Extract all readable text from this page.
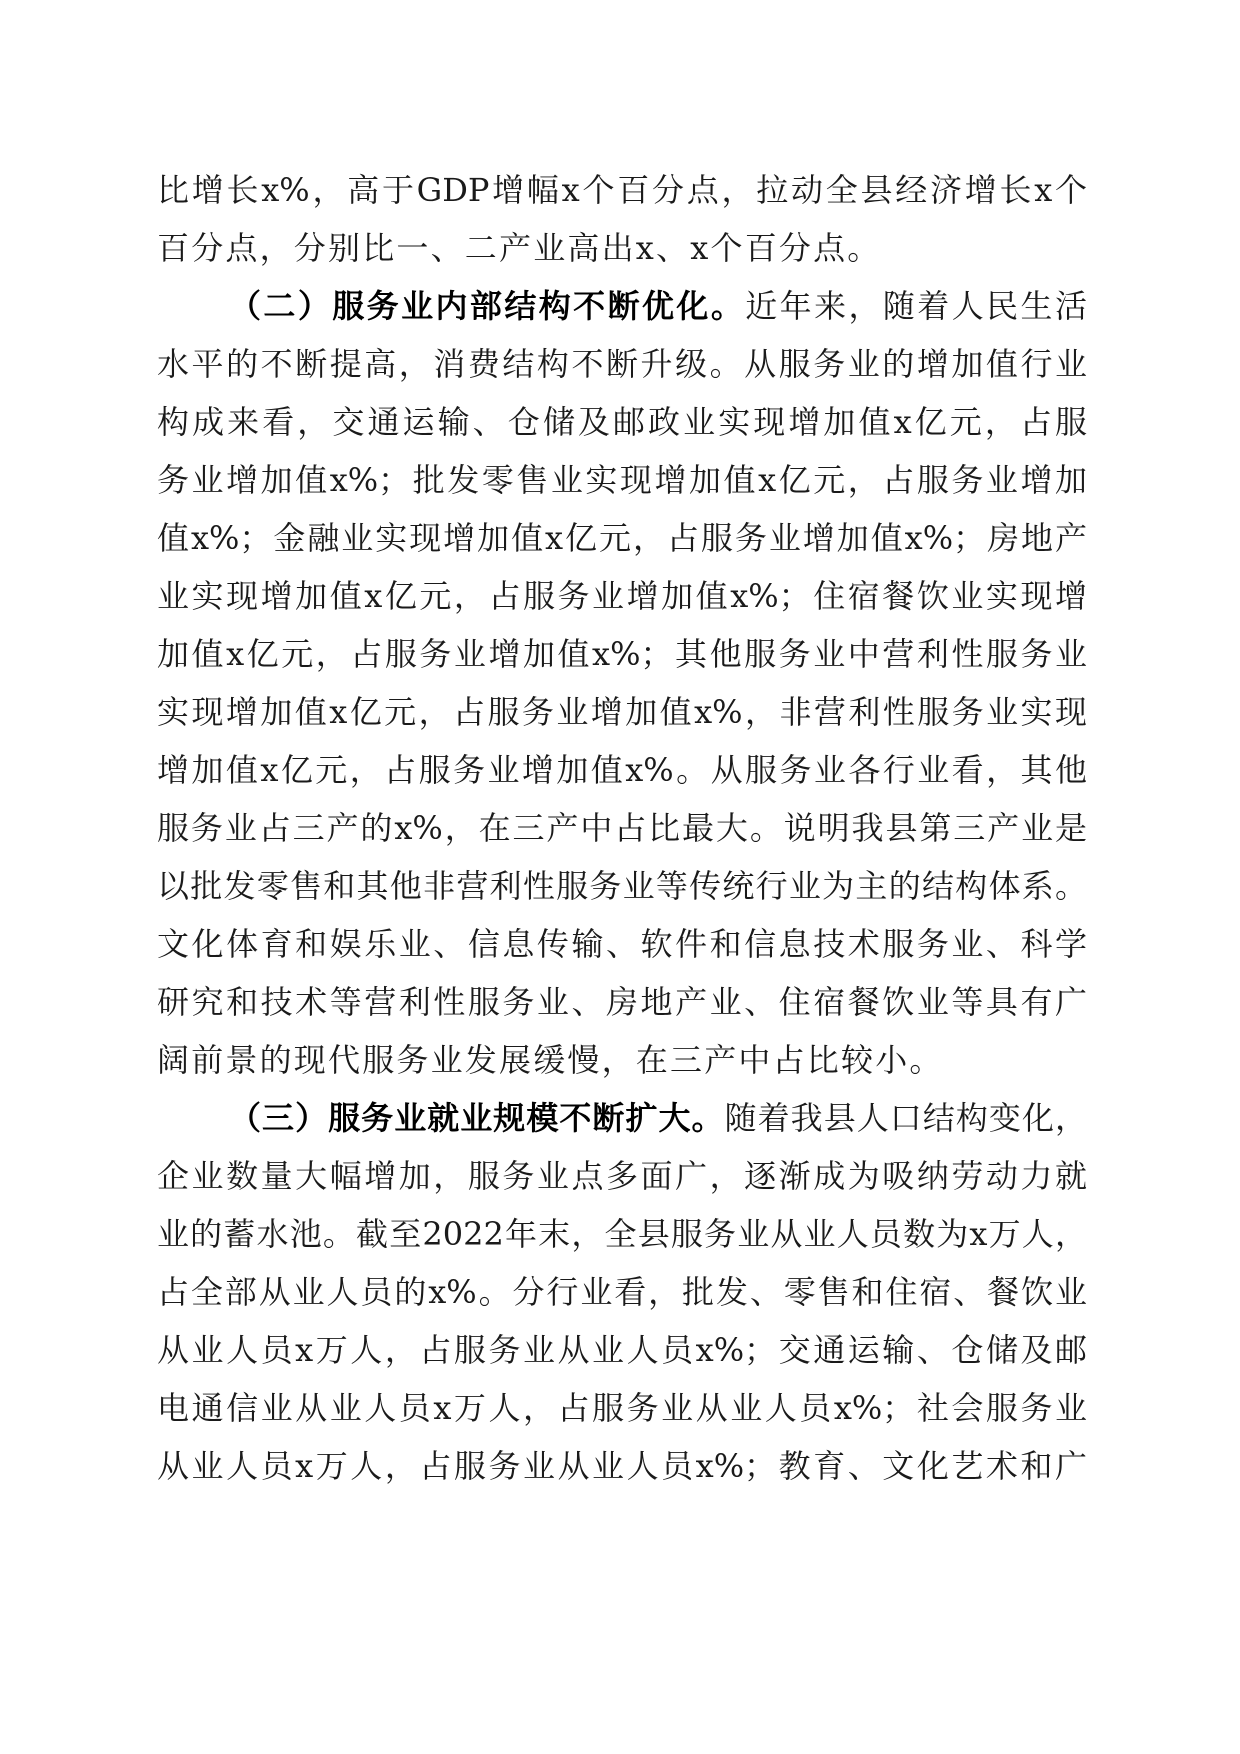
比增长x%，高于GDP增幅x个百分点，拉动全县经济增长x个
百分点，分别比一、二产业高出x、x个百分点。
（二）服务业内部结构不断优化。近年来，随着人民生活
水平的不断提高，消费结构不断升级。从服务业的增加值行业
构成来看，交通运输、仓储及邮政业实现增加值x亿元，占服
务业增加值x%；批发零售业实现增加值x亿元，占服务业增加
值x%；金融业实现增加值x亿元，占服务业增加值x%；房地产
业实现增加值x亿元，占服务业增加值x%；住宿餐饮业实现增
加值x亿元，占服务业增加值x%；其他服务业中营利性服务业
实现增加值x亿元，占服务业增加值x%，非营利性服务业实现
增加值x亿元，占服务业增加值x%。从服务业各行业看，其他
服务业占三产的x%，在三产中占比最大。说明我县第三产业是
以批发零售和其他非营利性服务业等传统行业为主的结构体系。
文化体育和娱乐业、信息传输、软件和信息技术服务业、科学
研究和技术等营利性服务业、房地产业、住宿餐饮业等具有广
阔前景的现代服务业发展缓慢，在三产中占比较小。
（三）服务业就业规模不断扩大。随着我县人口结构变化，
企业数量大幅增加，服务业点多面广，逐渐成为吸纳劳动力就
业的蓄水池。截至2022年末，全县服务业从业人员数为x万人，
占全部从业人员的x%。分行业看，批发、零售和住宿、餐饮业
从业人员x万人，占服务业从业人员x%；交通运输、仓储及邮
电通信业从业人员x万人，占服务业从业人员x%；社会服务业
从业人员x万人，占服务业从业人员x%；教育、文化艺术和广
